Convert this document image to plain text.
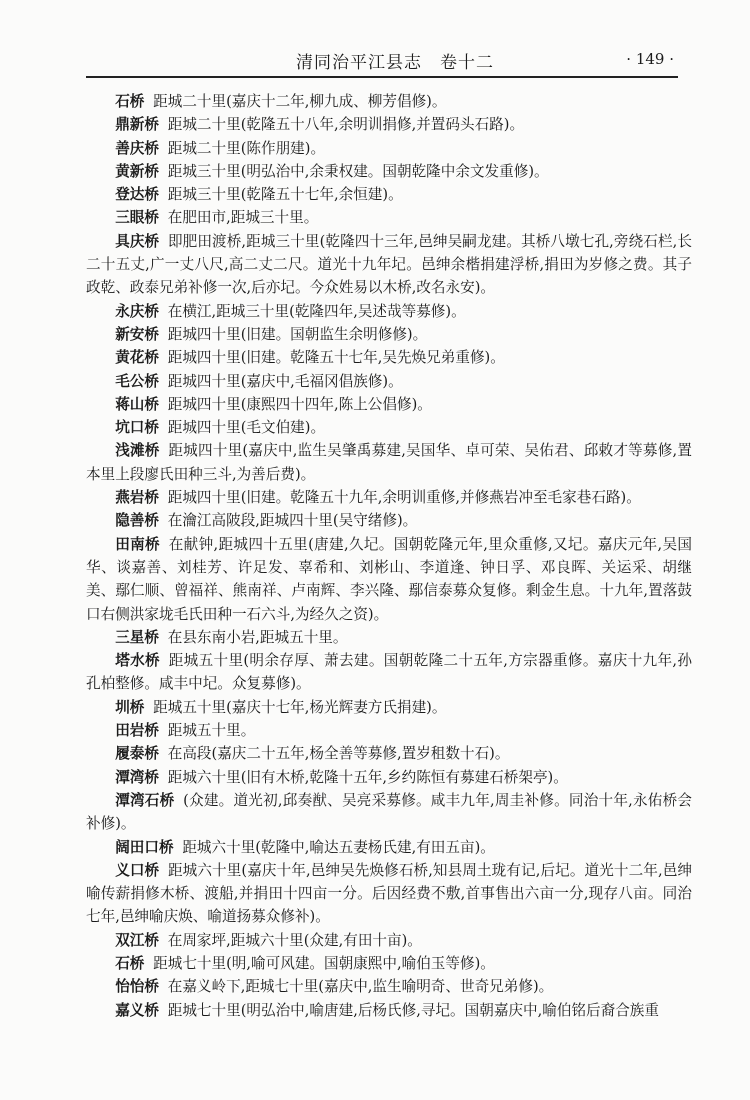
清同治平江县志　卷十二	· 149 ·

石桥 距城二十里(嘉庆十二年,柳九成、柳芳倡修)。

鼎新桥 距城二十里(乾隆五十八年,余明训捐修,并置码头石路)。

善庆桥 距城二十里(陈作朋建)。

黄新桥 距城三十里(明弘治中,余秉权建。国朝乾隆中余文发重修)。

登达桥 距城三十里(乾隆五十七年,余恒建)。

三眼桥 在肥田市,距城三十里。

具庆桥 即肥田渡桥,距城三十里(乾隆四十三年,邑绅吴嗣龙建。其桥八墩七孔,旁绕石栏,长二十五丈,广一丈八尺,高二丈二尺。道光十九年圮。邑绅余楷捐建浮桥,捐田为岁修之费。其子政乾、政泰兄弟补修一次,后亦圮。今众姓易以木桥,改名永安)。

永庆桥 在横江,距城三十里(乾隆四年,吴述哉等募修)。

新安桥 距城四十里(旧建。国朝监生余明修修)。

黄花桥 距城四十里(旧建。乾隆五十七年,吴先焕兄弟重修)。

毛公桥 距城四十里(嘉庆中,毛福冈倡族修)。

蒋山桥 距城四十里(康熙四十四年,陈上公倡修)。

坑口桥 距城四十里(毛文伯建)。

浅滩桥 距城四十里(嘉庆中,监生吴肇禹募建,吴国华、卓可荣、吴佑君、邱敕才等募修,置本里上段廖氏田种三斗,为善后费)。

燕岩桥 距城四十里(旧建。乾隆五十九年,余明训重修,并修燕岩冲至毛家巷石路)。

隐善桥 在瀹江高陂段,距城四十里(吴守绪修)。

田南桥 在献钟,距城四十五里(唐建,久圮。国朝乾隆元年,里众重修,又圮。嘉庆元年,吴国华、谈嘉善、刘桂芳、许足发、辜希和、刘彬山、李道逢、钟日孚、邓良晖、关运采、胡继美、鄢仁顺、曾福祥、熊南祥、卢南辉、李兴隆、鄢信泰募众复修。剩金生息。十九年,置落鼓口右侧洪家垅毛氏田种一石六斗,为经久之资)。

三星桥 在县东南小岩,距城五十里。

塔水桥 距城五十里(明余存厚、萧去建。国朝乾隆二十五年,方宗器重修。嘉庆十九年,孙孔柏整修。咸丰中圮。众复募修)。

圳桥 距城五十里(嘉庆十七年,杨光辉妻方氏捐建)。

田岩桥 距城五十里。

履泰桥 在高段(嘉庆二十五年,杨全善等募修,置岁租数十石)。

潭湾桥 距城六十里(旧有木桥,乾隆十五年,乡约陈恒有募建石桥架亭)。

潭湾石桥 (众建。道光初,邱奏猷、吴亮采募修。咸丰九年,周圭补修。同治十年,永佑桥会补修)。

阔田口桥 距城六十里(乾隆中,喻达五妻杨氏建,有田五亩)。

义口桥 距城六十里(嘉庆十年,邑绅吴先焕修石桥,知县周土珑有记,后圮。道光十二年,邑绅喻传薪捐修木桥、渡船,并捐田十四亩一分。后因经费不敷,首事售出六亩一分,现存八亩。同治七年,邑绅喻庆焕、喻道扬募众修补)。

双江桥 在周家坪,距城六十里(众建,有田十亩)。

石桥 距城七十里(明,喻可风建。国朝康熙中,喻伯玉等修)。

怡怡桥 在嘉义岭下,距城七十里(嘉庆中,监生喻明奇、世奇兄弟修)。

嘉义桥 距城七十里(明弘治中,喻唐建,后杨氏修,寻圮。国朝嘉庆中,喻伯铭后裔合族重
